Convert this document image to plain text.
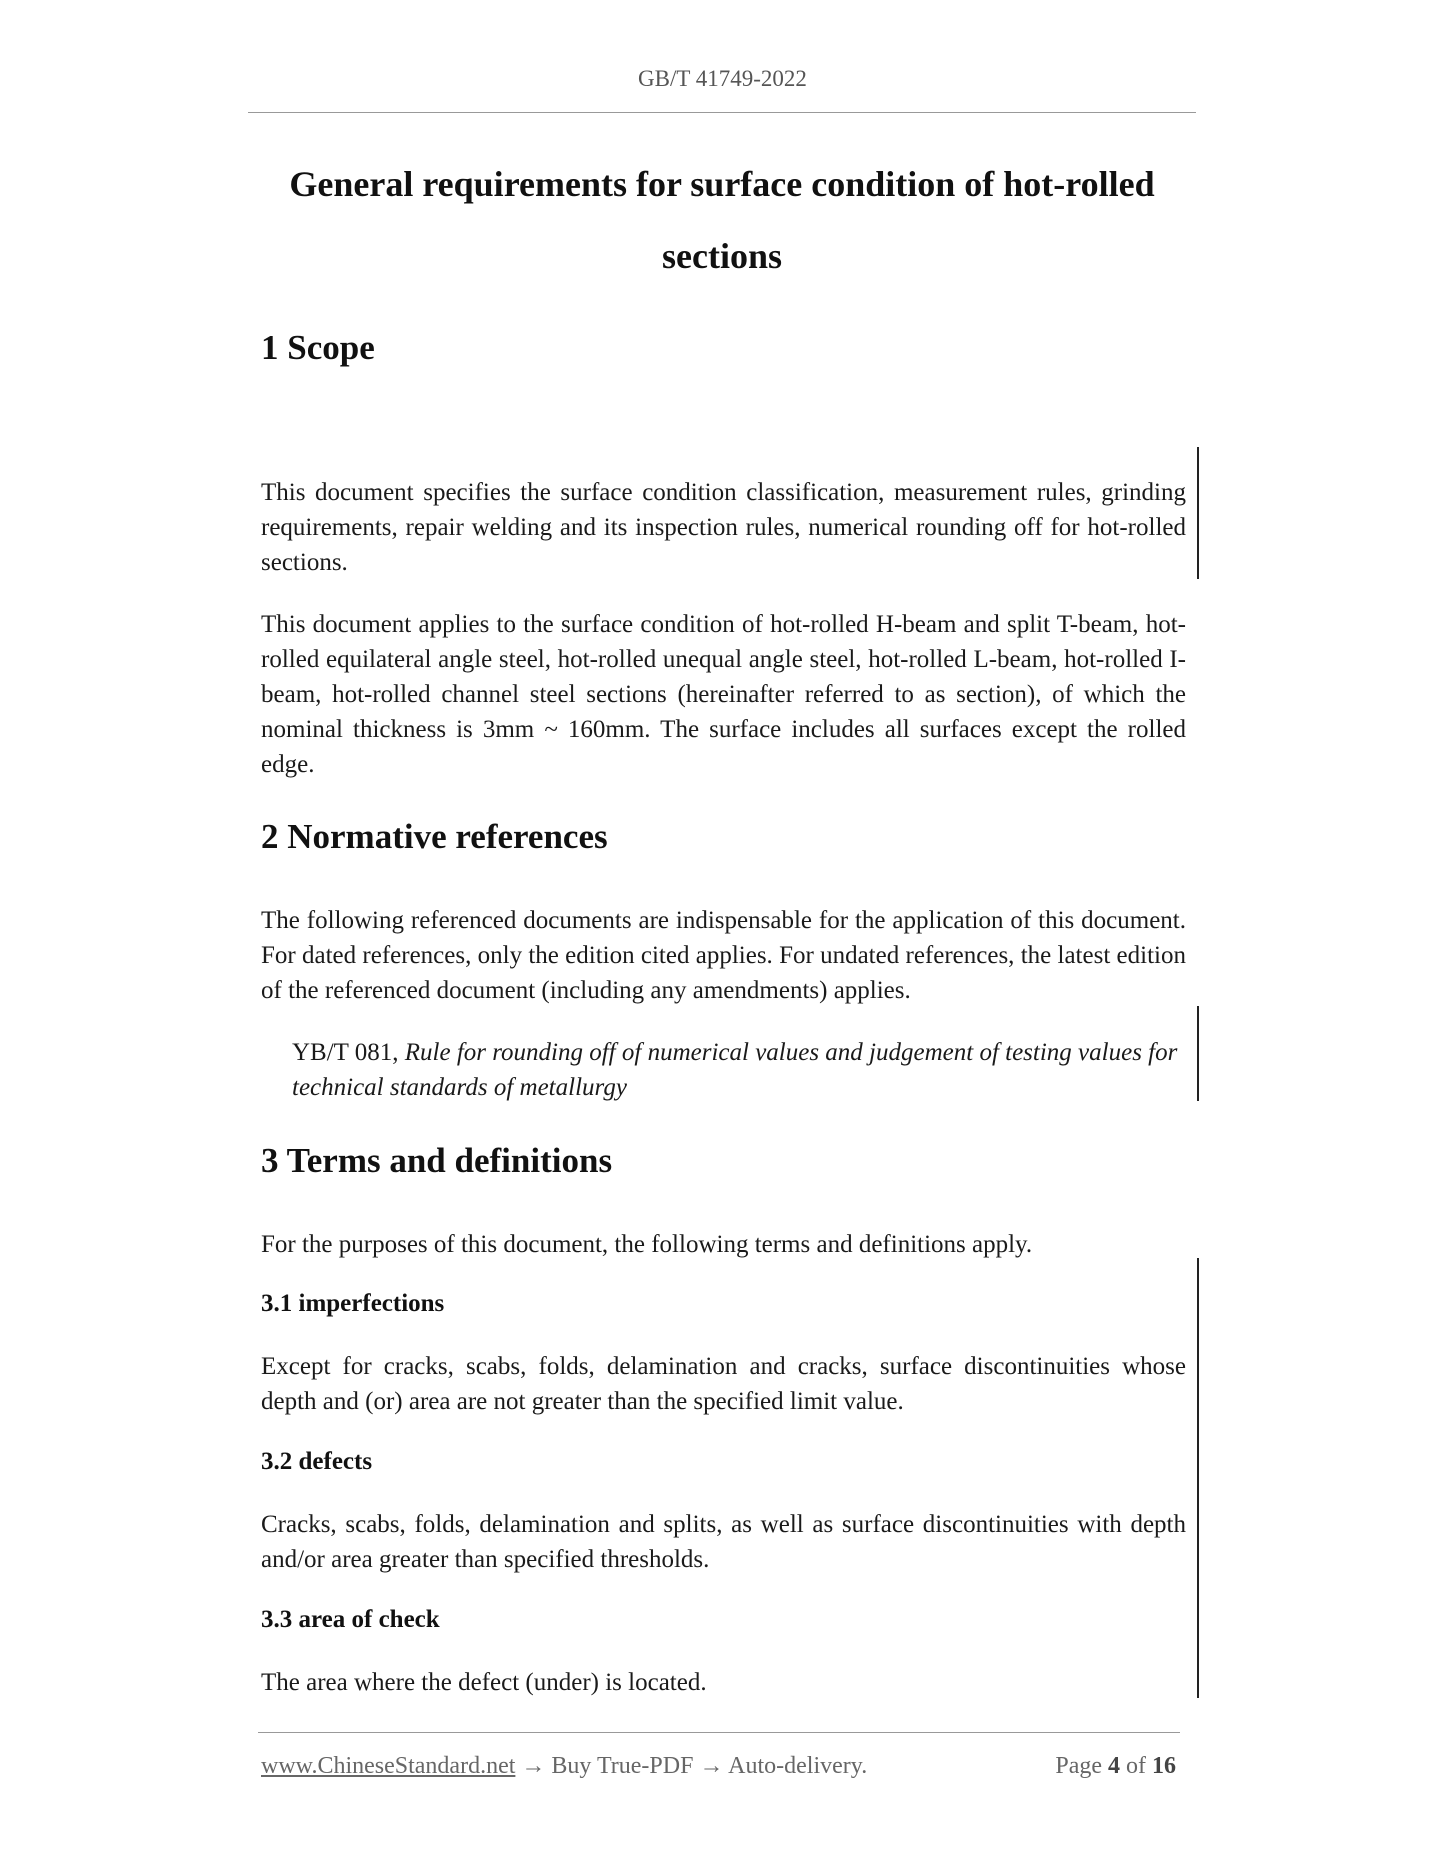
GB/T 41749-2022
General requirements for surface condition of hot-rolled sections
1 Scope

This document specifies the surface condition classification, measurement rules, grinding requirements, repair welding and its inspection rules, numerical rounding off for hot-rolled sections.

This document applies to the surface condition of hot-rolled H-beam and split T-beam, hot-rolled equilateral angle steel, hot-rolled unequal angle steel, hot-rolled L-beam, hot-rolled I-beam, hot-rolled channel steel sections (hereinafter referred to as section), of which the nominal thickness is 3mm ~ 160mm. The surface includes all surfaces except the rolled edge.

2 Normative references

The following referenced documents are indispensable for the application of this document. For dated references, only the edition cited applies. For undated references, the latest edition of the referenced document (including any amendments) applies.

YB/T 081, Rule for rounding off of numerical values and judgement of testing values for technical standards of metallurgy

3 Terms and definitions

For the purposes of this document, the following terms and definitions apply.

3.1 imperfections

Except for cracks, scabs, folds, delamination and cracks, surface discontinuities whose depth and (or) area are not greater than the specified limit value.

3.2 defects

Cracks, scabs, folds, delamination and splits, as well as surface discontinuities with depth and/or area greater than specified thresholds.

3.3 area of check

The area where the defect (under) is located.

www.ChineseStandard.net → Buy True-PDF → Auto-delivery.	Page 4 of 16
